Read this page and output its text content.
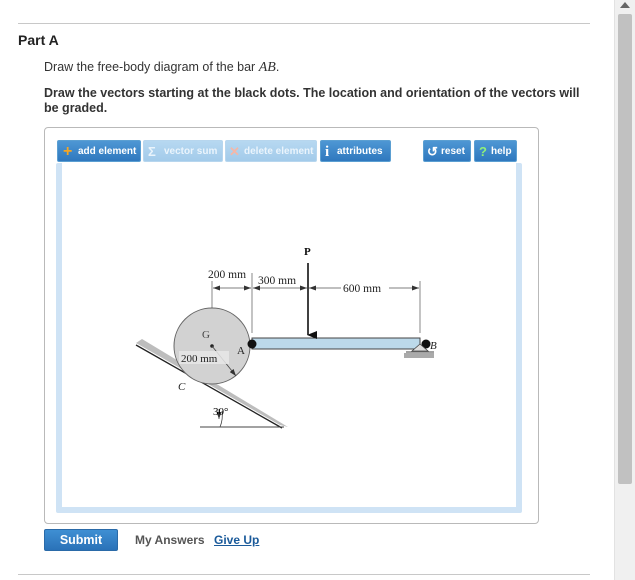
Part A
Draw the free-body diagram of the bar AB.
Draw the vectors starting at the black dots. The location and orientation of the vectors will be graded.
+ add element Σ vector sum ✕ delete element i attributes	↺ reset ? help
30°
G
200 mm
A
C
B
P
200 mm 300 mm
600 mm
Submit	My Answers Give Up
